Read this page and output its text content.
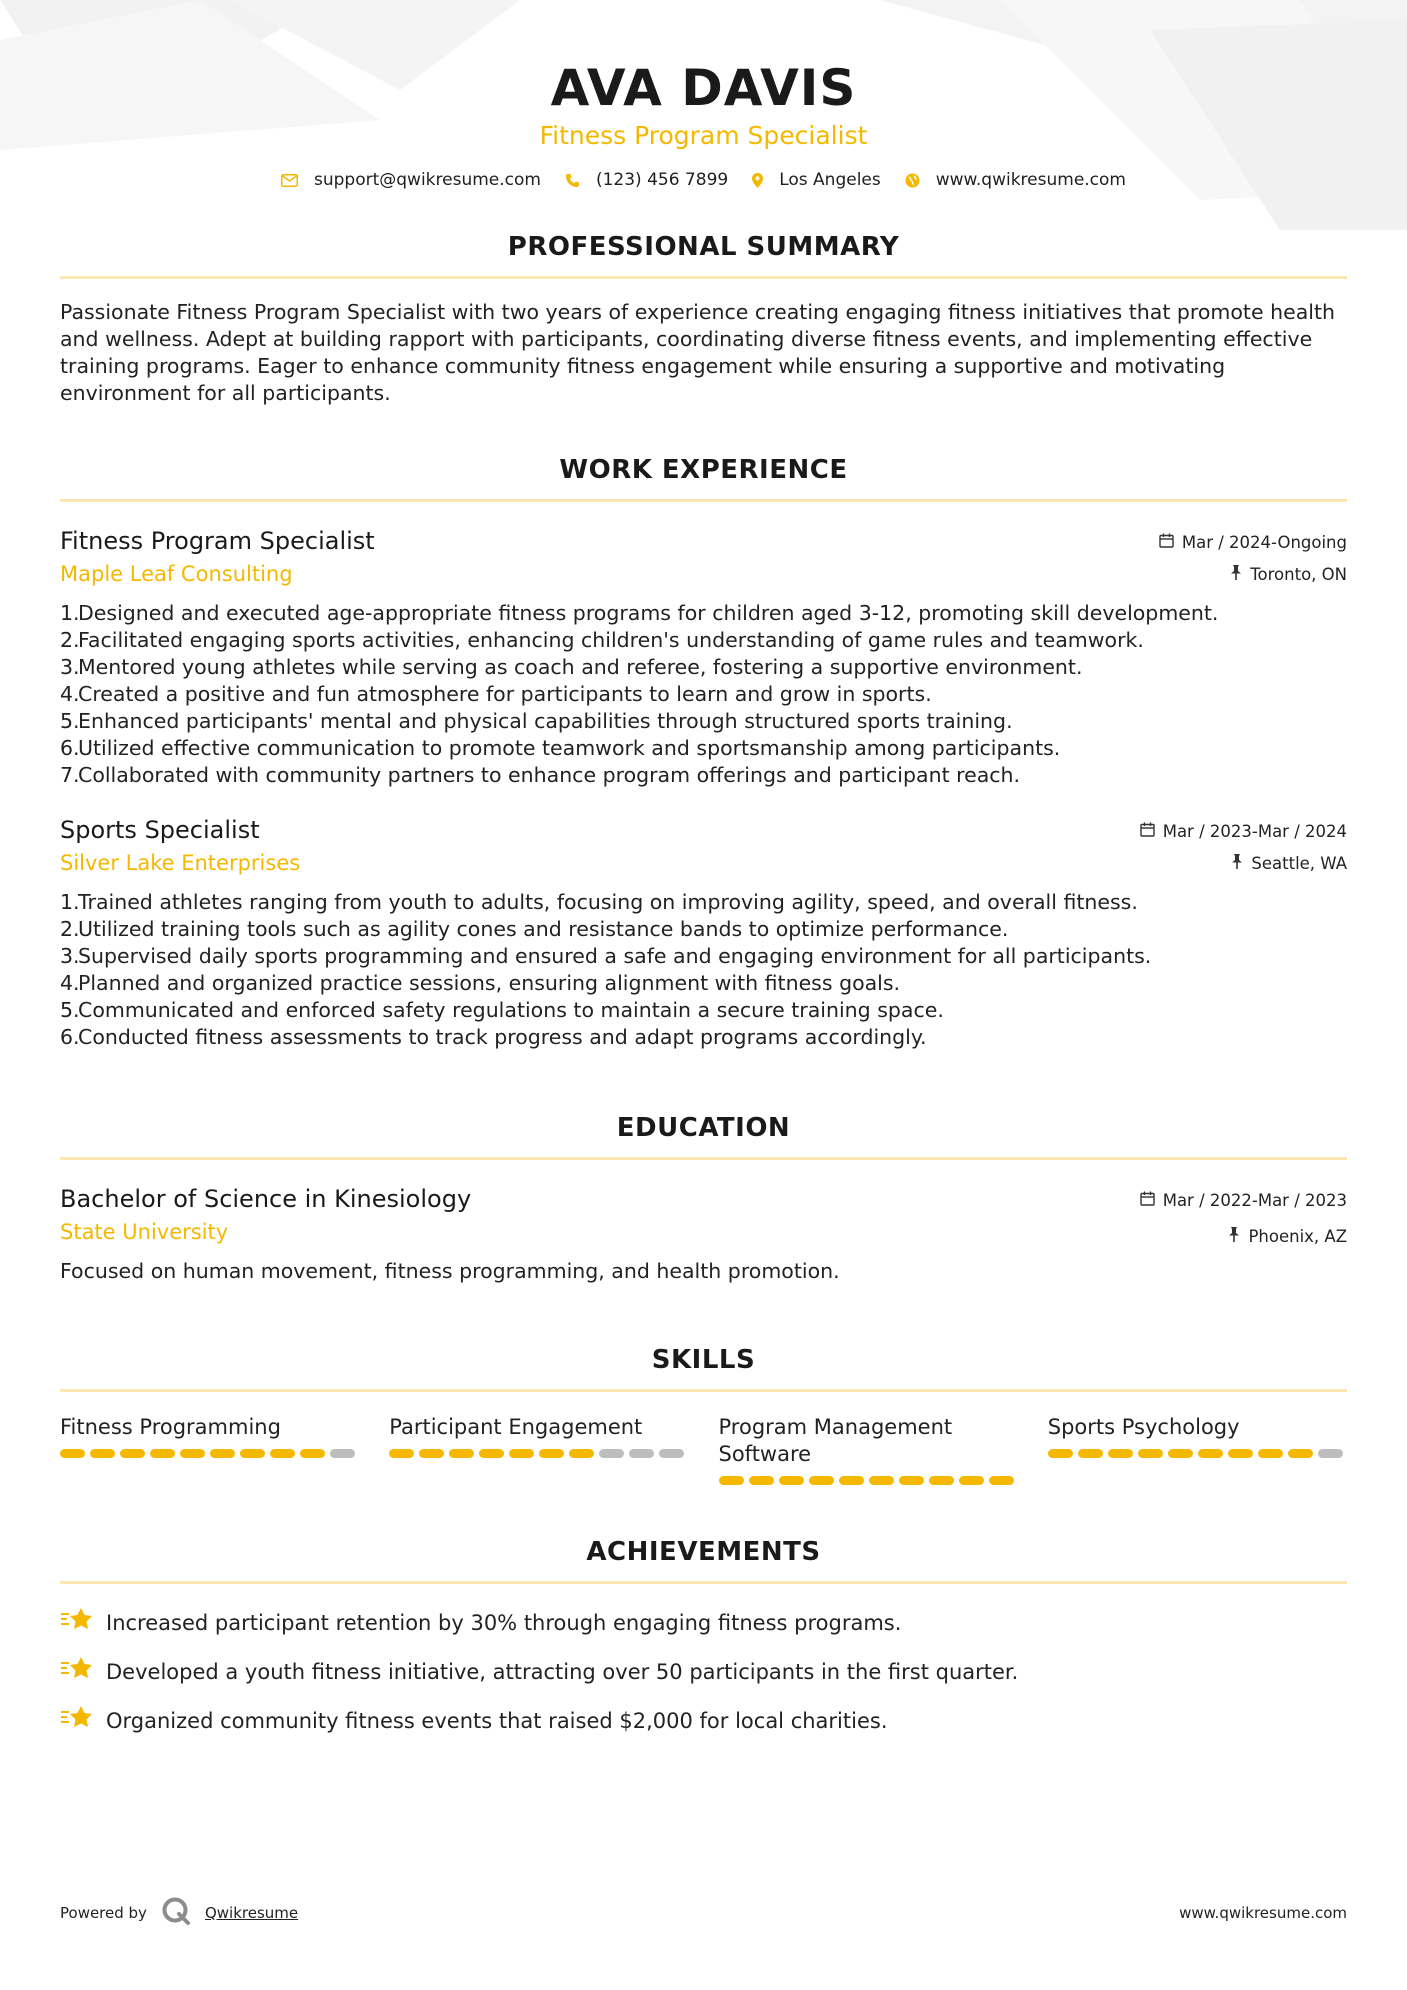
AVA DAVIS
Fitness Program Specialist
support@qwikresume.com	(123) 456 7899	Los Angeles	www.qwikresume.com
PROFESSIONAL SUMMARY

Passionate Fitness Program Specialist with two years of experience creating engaging fitness initiatives that promote health and wellness. Adept at building rapport with participants, coordinating diverse fitness events, and implementing effective training programs. Eager to enhance community fitness engagement while ensuring a supportive and motivating environment for all participants.

WORK EXPERIENCE
Fitness Program Specialist
Maple Leaf Consulting
Mar / 2024-Ongoing
Toronto, ON
1.
Designed and executed age-appropriate fitness programs for children aged 3-12, promoting skill development.
2.
Facilitated engaging sports activities, enhancing children's understanding of game rules and teamwork.
3.
Mentored young athletes while serving as coach and referee, fostering a supportive environment.
4.
Created a positive and fun atmosphere for participants to learn and grow in sports.
5.
Enhanced participants' mental and physical capabilities through structured sports training.
6.
Utilized effective communication to promote teamwork and sportsmanship among participants.
7.
Collaborated with community partners to enhance program offerings and participant reach.
Sports Specialist
Silver Lake Enterprises
Mar / 2023-Mar / 2024
Seattle, WA
1.
Trained athletes ranging from youth to adults, focusing on improving agility, speed, and overall fitness.
2.
Utilized training tools such as agility cones and resistance bands to optimize performance.
3.
Supervised daily sports programming and ensured a safe and engaging environment for all participants.
4.
Planned and organized practice sessions, ensuring alignment with fitness goals.
5.
Communicated and enforced safety regulations to maintain a secure training space.
6.
Conducted fitness assessments to track progress and adapt programs accordingly.
EDUCATION
Bachelor of Science in Kinesiology
State University
Mar / 2022-Mar / 2023
Phoenix, AZ

Focused on human movement, fitness programming, and health promotion.

SKILLS
Fitness Programming	Participant Engagement	Program Management Software
Sports Psychology
ACHIEVEMENTS
Increased participant retention by 30% through engaging fitness programs.
Developed a youth fitness initiative, attracting over 50 participants in the first quarter.
Organized community fitness events that raised $2,000 for local charities.
Powered by	Qwikresume	www.qwikresume.com
